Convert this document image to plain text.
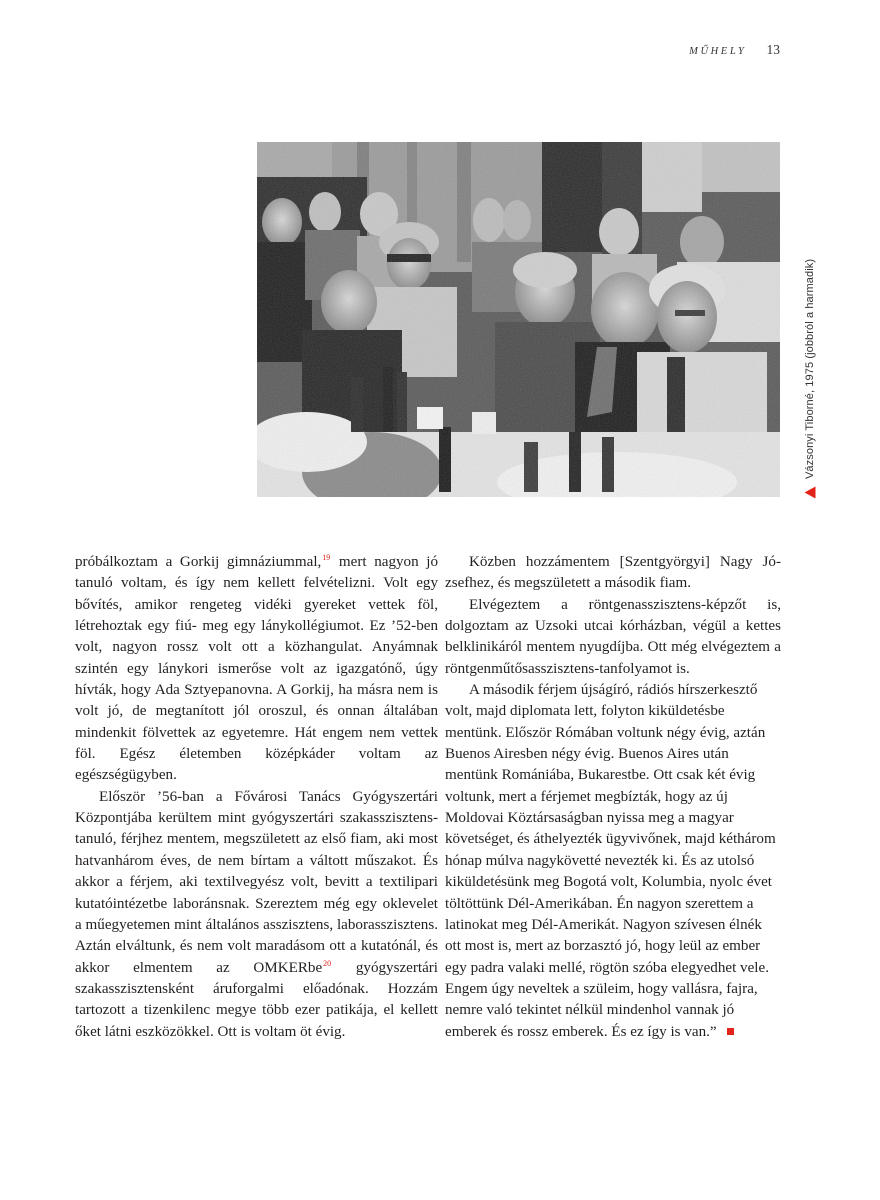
MŰHELY 13
Vázsonyi Tiborné, 1975 (jobbról a harmadik)

próbálkoztam a Gorkij gimnáziummal,$^{19}$ mert nagyon jó tanuló voltam, és így nem kellett felvételizni. Volt egy bővítés, amikor rengeteg vidéki gyereket vettek föl, létrehoztak egy fiú- meg egy lánykollégiumot. Ez ’52-ben volt, nagyon rossz volt ott a közhangulat. Anyámnak szintén egy lánykori ismerőse volt az igazgatónő, úgy hívták, hogy Ada Sztyepanovna. A Gorkij, ha másra nem is volt jó, de megtanított jól oroszul, és onnan általában mindenkit fölvettek az egyetemre. Hát engem nem vettek föl. Egész életemben középkáder voltam az egészségügyben.

Először ’56-ban a Fővárosi Tanács Gyógyszertári Központjába kerültem mint gyógyszertári szakasszisztens-tanuló, férjhez mentem, megszületett az első fiam, aki most hatvanhárom éves, de nem bírtam a váltott műszakot. És akkor a férjem, aki textilvegyész volt, bevitt a textilipari kutatóintézetbe laboránsnak. Szereztem még egy oklevelet a műegyetemen mint általános asszisztens, laborasszisztens. Aztán elváltunk, és nem volt maradásom ott a kutatónál, és akkor elmentem az OMKERbe$^{20}$ gyógyszertári szakasszisztensként áruforgalmi előadónak. Hozzám tartozott a tizenkilenc megye több ezer patikája, el kellett őket látni eszközökkel. Ott is voltam öt évig.

Közben hozzámentem [Szentgyörgyi] Nagy Józsefhez, és megszületett a második fiam.

Elvégeztem a röntgenasszisztens-képzőt is, dolgoztam az Uzsoki utcai kórházban, végül a kettes belklinikáról mentem nyugdíjba. Ott még elvégeztem a röntgenműtősasszisztens-tanfolyamot is.

A második férjem újságíró, rádiós hírszerkesztő volt, majd diplomata lett, folyton kiküldetésbe mentünk. Először Rómában voltunk négy évig, aztán Buenos Airesben négy évig. Buenos Aires után mentünk Romániába, Bukarestbe. Ott csak két évig voltunk, mert a férjemet megbízták, hogy az új Moldovai Köztársaságban nyissa meg a magyar követséget, és áthelyezték ügyvivőnek, majd kéthárom hónap múlva nagykövetté nevezték ki. És az utolsó kiküldetésünk meg Bogotá volt, Kolumbia, nyolc évet töltöttünk Dél-Amerikában. Én nagyon szerettem a latinokat meg Dél-Amerikát. Nagyon szívesen élnék ott most is, mert az borzasztó jó, hogy leül az ember egy padra valaki mellé, rögtön szóba elegyedhet vele. Engem úgy neveltek a szüleim, hogy vallásra, fajra, nemre való tekintet nélkül mindenhol vannak jó emberek és rossz emberek. És ez így is van.”
